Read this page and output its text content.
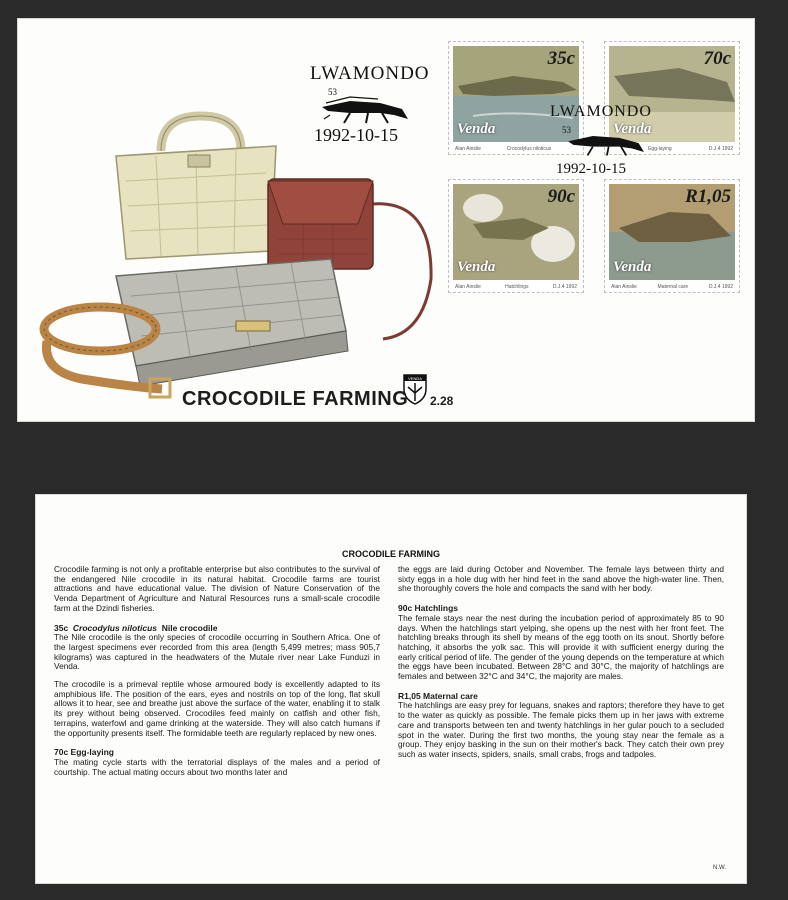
LWAMONDO
53
1992-10-15
35c
Venda
Alan Ainslie	Crocodylus niloticus
70c
Venda
Egg-laying	D.J.4 1992
90c
Venda
Alan Ainslie	Hatchlings	D.J.4 1992
R1,05
Venda
Alan Ainslie	Maternal care	D.J.4 1992
LWAMONDO
53
1992-10-15
VENDA
CROCODILE FARMING 2.28
CROCODILE FARMING

Crocodile farming is not only a profitable enterprise but also contributes to the survival of the endangered Nile crocodile in its natural habitat. Crocodile farms are tourist attractions and have educational value. The division of Nature Conservation of the Venda Department of Agriculture and Natural Resources runs a small-scale crocodile farm at the Dzindi fisheries.

35c Crocodylus niloticus Nile crocodile

The Nile crocodile is the only species of crocodile occurring in Southern Africa. One of the largest specimens ever recorded from this area (length 5,499 metres; mass 905,7 kilograms) was captured in the headwaters of the Mutale river near Lake Funduzi in Venda.

The crocodile is a primeval reptile whose armoured body is excellently adapted to its amphibious life. The position of the ears, eyes and nostrils on top of the long, flat skull allows it to hear, see and breathe just above the surface of the water, enabling it to stalk its prey without being observed. Crocodiles feed mainly on catfish and other fish, terrapins, waterfowl and game drinking at the waterside. They will also catch humans if the opportunity presents itself. The formidable teeth are regularly replaced by new ones.

70c Egg-laying

The mating cycle starts with the terratorial displays of the males and a period of courtship. The actual mating occurs about two months later and

the eggs are laid during October and November. The female lays between thirty and sixty eggs in a hole dug with her hind feet in the sand above the high-water line. Then, she thoroughly covers the hole and compacts the sand with her body.

90c Hatchlings

The female stays near the nest during the incubation period of approximately 85 to 90 days. When the hatchlings start yelping, she opens up the nest with her front feet. The hatchling breaks through its shell by means of the egg tooth on its snout. Shortly before hatching, it absorbs the yolk sac. This will provide it with sufficient energy during the early critical period of life. The gender of the young depends on the temperature at which the eggs have been incubated. Between 28°C and 30°C, the majority of hatchlings are females and between 32°C and 34°C, the majority are males.

R1,05 Maternal care

The hatchlings are easy prey for leguans, snakes and raptors; therefore they have to get to the water as quickly as possible. The female picks them up in her jaws with extreme care and transports between ten and twenty hatchlings in her gular pouch to a secluded spot in the water. During the first two months, the young stay near the female as a group. They enjoy basking in the sun on their mother's back. They catch their own prey such as water insects, spiders, snails, small crabs, frogs and tadpoles.

N.W.
